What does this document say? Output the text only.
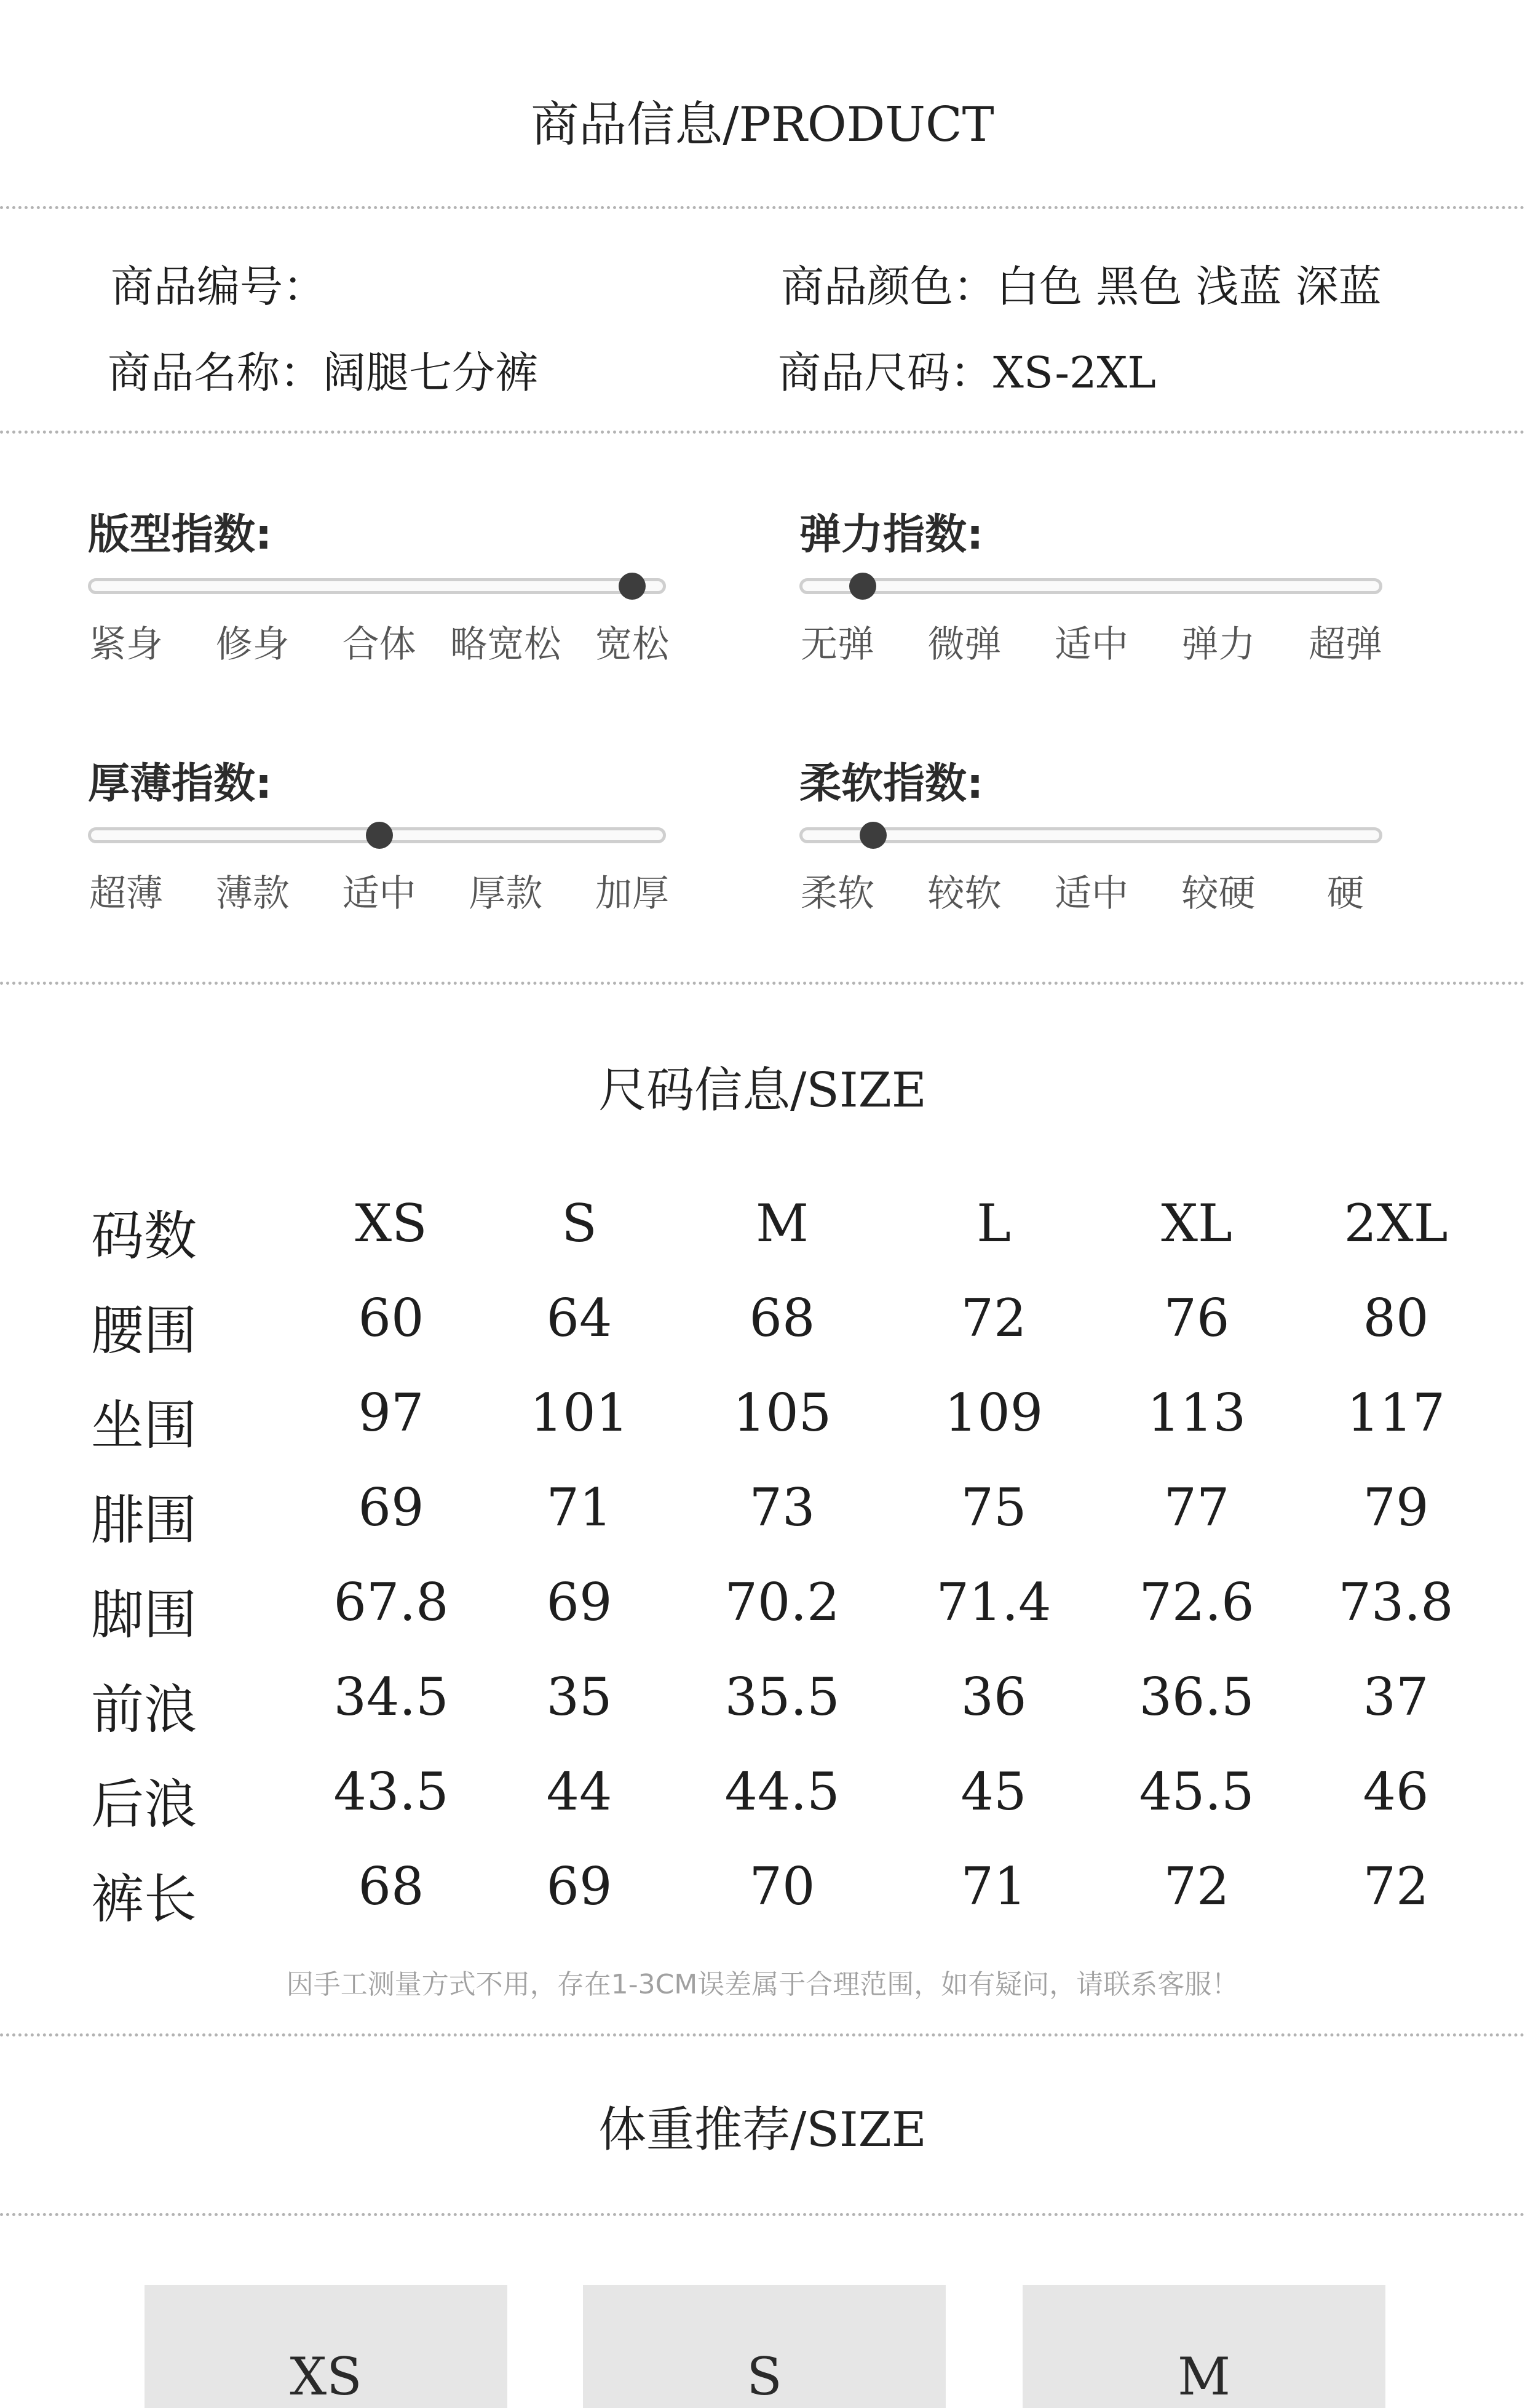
商品信息/PRODUCT
商品编号：	商品颜色：白色 黑色 浅蓝 深蓝
商品名称：阔腿七分裤	商品尺码：XS-2XL
版型指数:
紧身 修身 合体 略宽松 宽松
弹力指数:
无弹 微弹 适中 弹力 超弹
厚薄指数:
超薄 薄款 适中 厚款 加厚
柔软指数:
柔软 较软 适中 较硬 硬
尺码信息/SIZE
码数	XS	S	M	L	XL 2XL
腰围	60 64	68	72	76	80
坐围	97 101 105 109 113 117
腓围	69 71	73	75	77	79
脚围	67.8 69 70.2 71.4 72.6 73.8
前浪	34.5 35 35.5 36 36.5 37
后浪	43.5 44 44.5 45 45.5 46
裤长	68 69	70	71	72	72
因手工测量方式不用，存在1-3CM误差属于合理范围，如有疑问，请联系客服！
体重推荐/SIZE
XS	S	M
